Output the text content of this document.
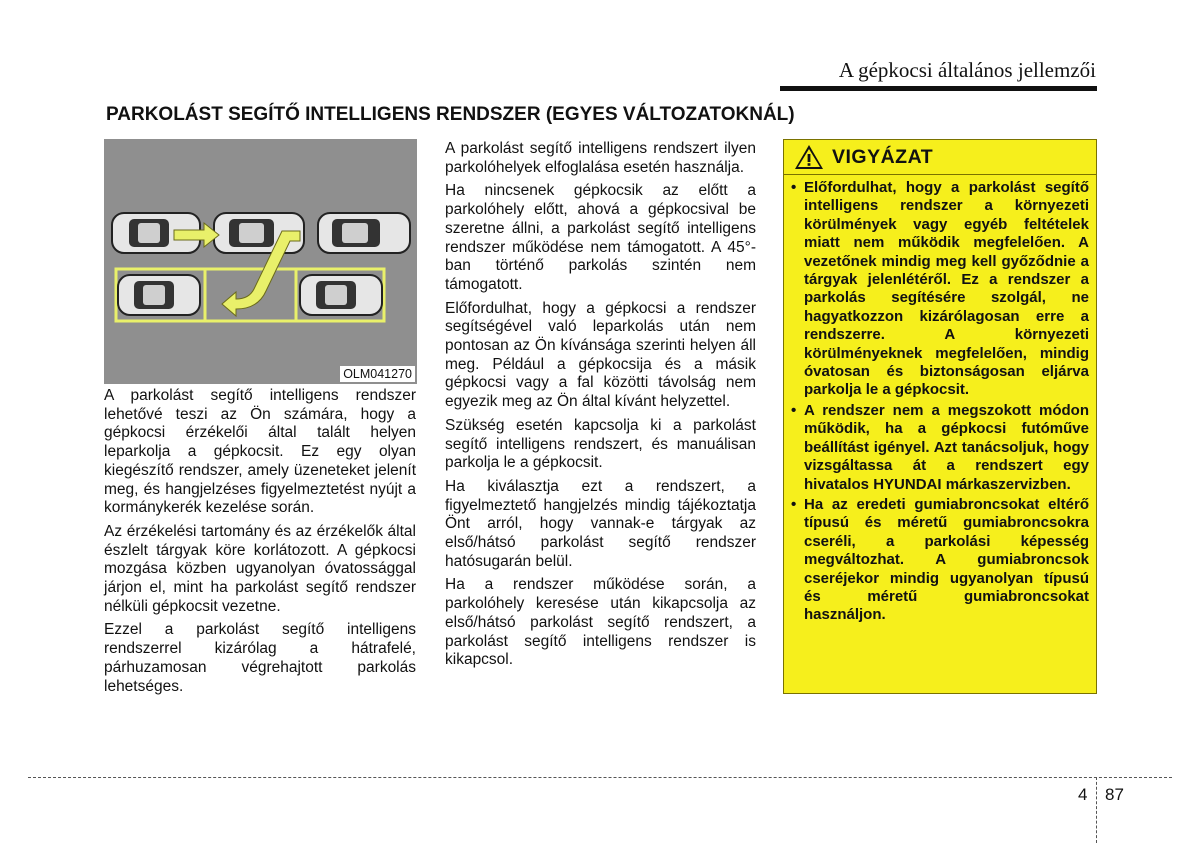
A gépkocsi általános jellemzői
PARKOLÁST SEGÍTŐ INTELLIGENS RENDSZER (EGYES VÁLTOZATOKNÁL)
OLM041270

A parkolást segítő intelligens rendszer lehetővé teszi az Ön számára, hogy a gépkocsi érzékelői által talált helyen leparkolja a gépkocsit. Ez egy olyan kiegészítő rendszer, amely üzeneteket jelenít meg, és hangjelzéses figyelmeztetést nyújt a kormánykerék kezelése során.

Az érzékelési tartomány és az érzékelők által észlelt tárgyak köre korlátozott. A gépkocsi mozgása közben ugyanolyan óvatossággal járjon el, mint ha parkolást segítő rendszer nélküli gépkocsit vezetne.

Ezzel a parkolást segítő intelligens rendszerrel kizárólag a hátrafelé, párhuzamosan végrehajtott parkolás lehetséges.

A parkolást segítő intelligens rendszert ilyen parkolóhelyek elfoglalása esetén használja.

Ha nincsenek gépkocsik az előtt a parkolóhely előtt, ahová a gépkocsival be szeretne állni, a parkolást segítő intelligens rendszer működése nem támogatott. A 45°-ban történő parkolás szintén nem támogatott.

Előfordulhat, hogy a gépkocsi a rendszer segítségével való leparkolás után nem pontosan az Ön kívánsága szerinti helyen áll meg. Például a gépkocsija és a másik gépkocsi vagy a fal közötti távolság nem egyezik meg az Ön által kívánt helyzettel.

Szükség esetén kapcsolja ki a parkolást segítő intelligens rendszert, és manuálisan parkolja le a gépkocsit.

Ha kiválasztja ezt a rendszert, a figyelmeztető hangjelzés mindig tájékoztatja Önt arról, hogy vannak-e tárgyak az első/hátsó parkolást segítő rendszer hatósugarán belül.

Ha a rendszer működése során, a parkolóhely keresése után kikapcsolja az első/hátsó parkolást segítő rendszert, a parkolást segítő intelligens rendszer is kikapcsol.

VIGYÁZAT
• Előfordulhat, hogy a parkolást segítő intelligens rendszer a környezeti körülmények vagy egyéb feltételek miatt nem működik megfelelően. A vezetőnek mindig meg kell győződnie a tárgyak jelenlétéről. Ez a rendszer a parkolás segítésére szolgál, ne hagyatkozzon kizárólagosan erre a rendszerre. A környezeti körülményeknek megfelelően, mindig óvatosan és biztonságosan eljárva parkolja le a gépkocsit.
• A rendszer nem a megszokott módon működik, ha a gépkocsi futóműve beállítást igényel. Azt tanácsoljuk, hogy vizsgáltassa át a rendszert egy hivatalos HYUNDAI márkaszervizben.
• Ha az eredeti gumiabroncsokat eltérő típusú és méretű gumiabroncsokra cseréli, a parkolási képesség megváltozhat. A gumiabroncsok cseréjekor mindig ugyanolyan típusú és méretű gumiabroncsokat használjon.
4 87
